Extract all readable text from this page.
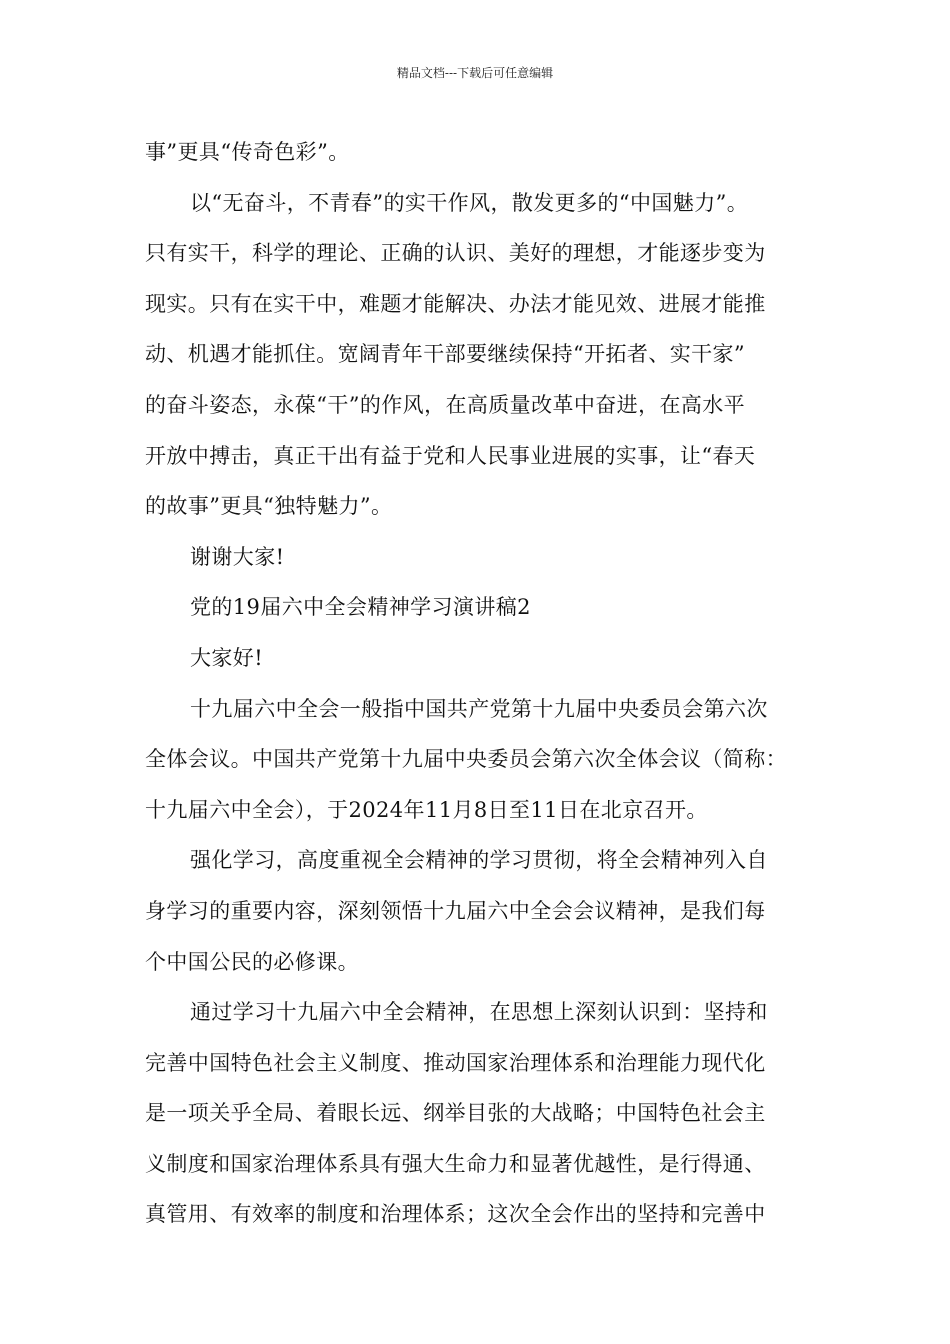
精品文档---下载后可任意编辑

事”更具“传奇色彩”。

以“无奋斗，不青春”的实干作风，散发更多的“中国魅力”。

只有实干，科学的理论、正确的认识、美好的理想，才能逐步变为

现实。只有在实干中，难题才能解决、办法才能见效、进展才能推

动、机遇才能抓住。宽阔青年干部要继续保持“开拓者、实干家”

的奋斗姿态，永葆“干”的作风，在高质量改革中奋进，在高水平

开放中搏击，真正干出有益于党和人民事业进展的实事，让“春天

的故事”更具“独特魅力”。

谢谢大家!

党的19届六中全会精神学习演讲稿2

大家好!

十九届六中全会一般指中国共产党第十九届中央委员会第六次

全体会议。中国共产党第十九届中央委员会第六次全体会议（简称：

十九届六中全会），于2024年11月8日至11日在北京召开。

强化学习，高度重视全会精神的学习贯彻，将全会精神列入自

身学习的重要内容，深刻领悟十九届六中全会会议精神，是我们每

个中国公民的必修课。

通过学习十九届六中全会精神，在思想上深刻认识到：坚持和

完善中国特色社会主义制度、推动国家治理体系和治理能力现代化

是一项关乎全局、着眼长远、纲举目张的大战略；中国特色社会主

义制度和国家治理体系具有强大生命力和显著优越性，是行得通、

真管用、有效率的制度和治理体系；这次全会作出的坚持和完善中
